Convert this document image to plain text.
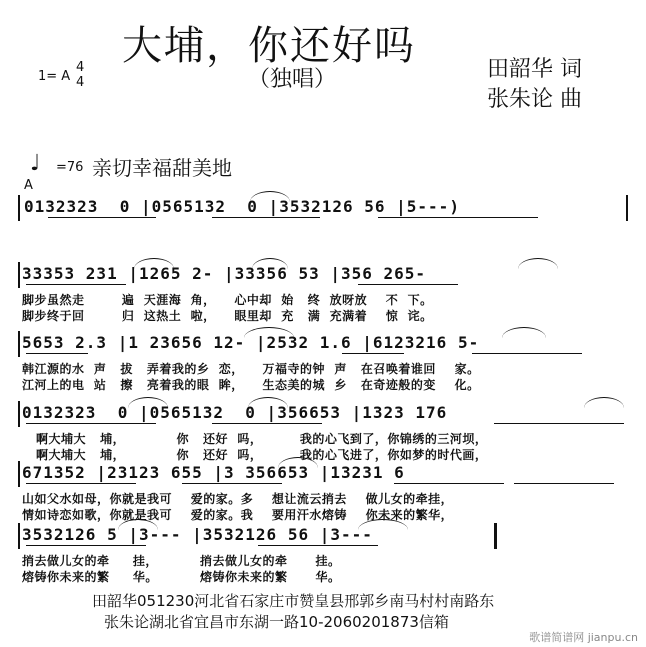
大埔，你还好吗
（独唱）
1= A
4
4
田韶华 词
张朱论 曲
♩ =76 亲切幸福甜美地
A
0132323  0 |0565132  0 |3532126 56 |5---)
33353 231 |1265 2- |33356 53 |356 265-
脚步虽然走        遍  天涯海  角，    心中却  始   终  放呀放    不  下。
脚步终于回        归  这热土  啦，    眼里却  充   满  充满着    惊  诧。
5653 2.3 |1 23656 12- |2532 1.6 |6123216 5-
韩江源的水  声   拔   弄着我的乡  恋，    万福寺的钟  声   在召唤着谁回    家。
江河上的电  站   擦   亮着我的眼  眸，    生态美的城  乡   在奇迹般的变    化。
0132323  0 |0565132  0 |356653 |1323 176
啊大埔大   埔，           你   还好  吗，        我的心飞到了，你锦绣的三河坝，
啊大埔大   埔，           你   还好  吗，        我的心飞进了，你如梦的时代画，
671352 |23123 655 |3 356653 |13231 6
山如父水如母，你就是我可    爱的家。多    想让流云捎去    做儿女的牵挂，
情如诗恋如歌，你就是我可    爱的家。我    要用汗水熔铸    你未来的繁华，
3532126 5 |3--- |3532126 56 |3---
捎去做儿女的牵     挂，         捎去做儿女的牵      挂。
熔铸你未来的繁     华。         熔铸你未来的繁      华。
田韶华051230河北省石家庄市赞皇县邢郭乡南马村村南路东
张朱论湖北省宜昌市东湖一路10-2060201873信箱
歌谱简谱网 jianpu.cn
